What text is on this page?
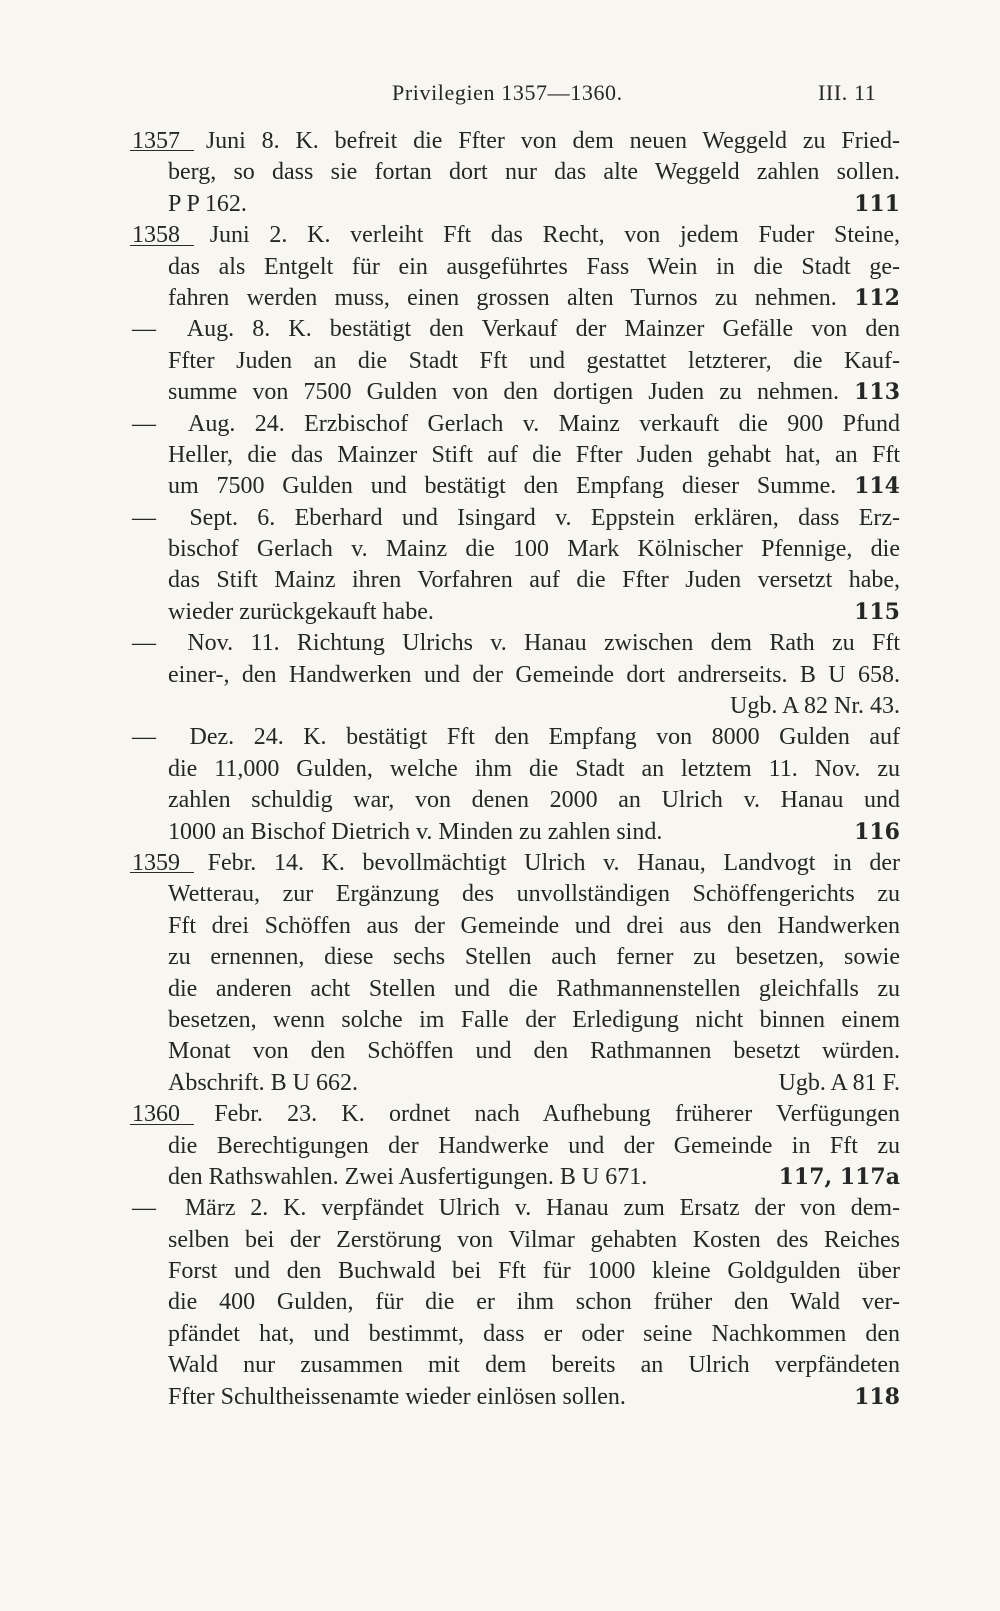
Privilegien 1357—1360.	III. 11
1357 Juni 8. K. befreit die Ffter von dem neuen Weggeld zu Fried-
berg, so dass sie fortan dort nur das alte Weggeld zahlen sollen.
P P 162.	111
1358 Juni 2. K. verleiht Fft das Recht, von jedem Fuder Steine,
das als Entgelt für ein ausgeführtes Fass Wein in die Stadt ge-
fahren werden muss, einen grossen alten Turnos zu nehmen. 112
— Aug. 8. K. bestätigt den Verkauf der Mainzer Gefälle von den
Ffter Juden an die Stadt Fft und gestattet letzterer, die Kauf-
summe von 7500 Gulden von den dortigen Juden zu nehmen. 113
— Aug. 24. Erzbischof Gerlach v. Mainz verkauft die 900 Pfund
Heller, die das Mainzer Stift auf die Ffter Juden gehabt hat, an Fft
um 7500 Gulden und bestätigt den Empfang dieser Summe. 114
— Sept. 6. Eberhard und Isingard v. Eppstein erklären, dass Erz-
bischof Gerlach v. Mainz die 100 Mark Kölnischer Pfennige, die
das Stift Mainz ihren Vorfahren auf die Ffter Juden versetzt habe,
wieder zurückgekauft habe.	115
— Nov. 11. Richtung Ulrichs v. Hanau zwischen dem Rath zu Fft
einer-, den Handwerken und der Gemeinde dort andrerseits. B U 658.
Ugb. A 82 Nr. 43.
— Dez. 24. K. bestätigt Fft den Empfang von 8000 Gulden auf
die 11,000 Gulden, welche ihm die Stadt an letztem 11. Nov. zu
zahlen schuldig war, von denen 2000 an Ulrich v. Hanau und
1000 an Bischof Dietrich v. Minden zu zahlen sind.	116
1359 Febr. 14. K. bevollmächtigt Ulrich v. Hanau, Landvogt in der
Wetterau, zur Ergänzung des unvollständigen Schöffengerichts zu
Fft drei Schöffen aus der Gemeinde und drei aus den Handwerken
zu ernennen, diese sechs Stellen auch ferner zu besetzen, sowie
die anderen acht Stellen und die Rathmannenstellen gleichfalls zu
besetzen, wenn solche im Falle der Erledigung nicht binnen einem
Monat von den Schöffen und den Rathmannen besetzt würden.
Abschrift. B U 662.	Ugb. A 81 F.
1360 Febr. 23. K. ordnet nach Aufhebung früherer Verfügungen
die Berechtigungen der Handwerke und der Gemeinde in Fft zu
den Rathswahlen. Zwei Ausfertigungen. B U 671.	117, 117a
— März 2. K. verpfändet Ulrich v. Hanau zum Ersatz der von dem-
selben bei der Zerstörung von Vilmar gehabten Kosten des Reiches
Forst und den Buchwald bei Fft für 1000 kleine Goldgulden über
die 400 Gulden, für die er ihm schon früher den Wald ver-
pfändet hat, und bestimmt, dass er oder seine Nachkommen den
Wald nur zusammen mit dem bereits an Ulrich verpfändeten
Ffter Schultheissenamte wieder einlösen sollen.	118
